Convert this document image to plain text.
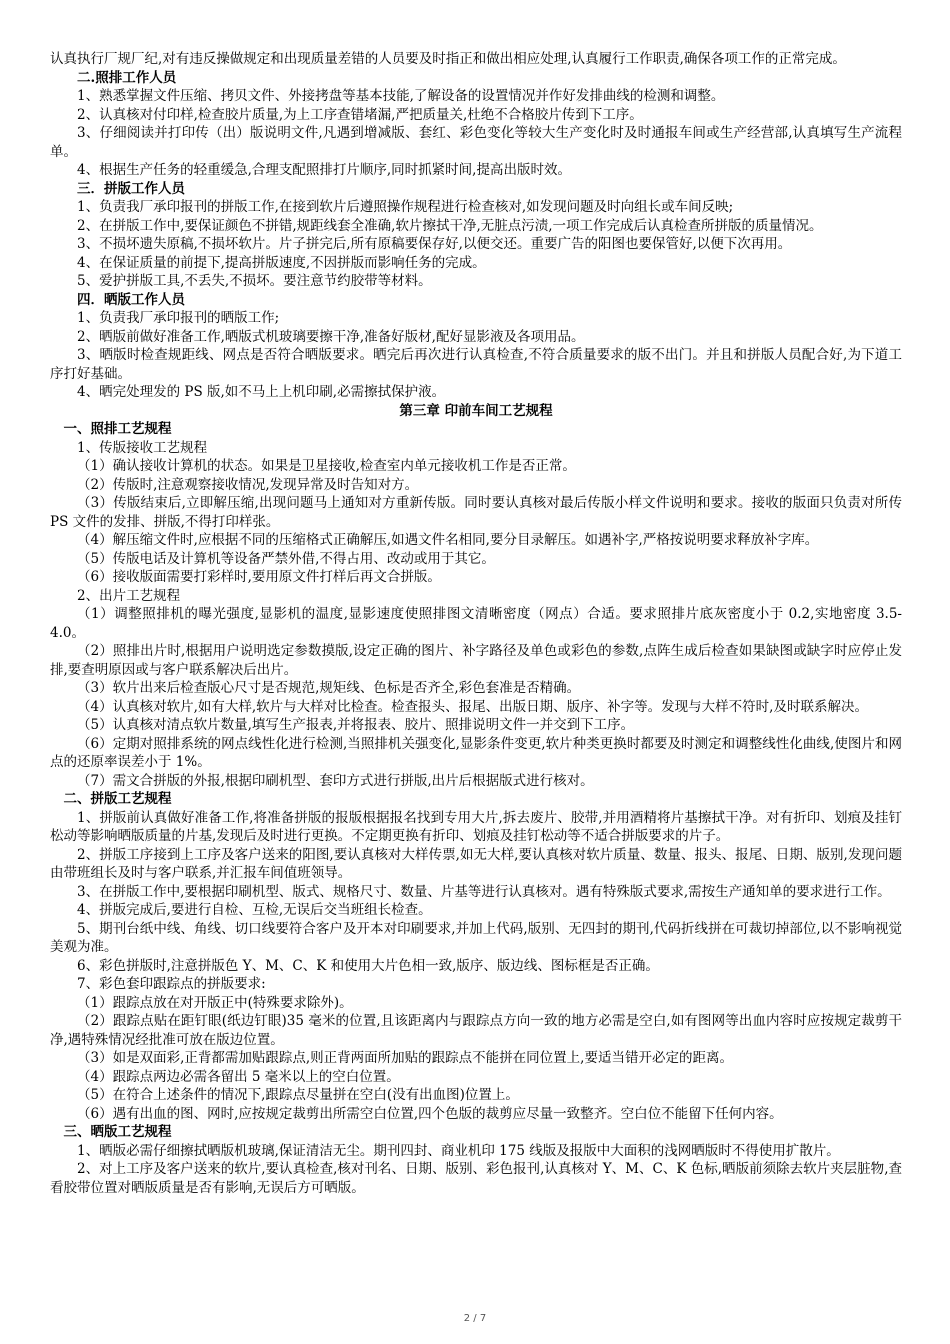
认真执行厂规厂纪,对有违反操做规定和出现质量差错的人员要及时指正和做出相应处理,认真履行工作职责,确保各项工作的正常完成。

二.照排工作人员

1、熟悉掌握文件压缩、拷贝文件、外接拷盘等基本技能,了解设备的设置情况并作好发排曲线的检测和调整。

2、认真核对付印样,检查胶片质量,为上工序查错堵漏,严把质量关,杜绝不合格胶片传到下工序。

3、仔细阅读并打印传（出）版说明文件,凡遇到增减版、套红、彩色变化等较大生产变化时及时通报车间或生产经营部,认真填写生产流程单。

4、根据生产任务的轻重缓急,合理支配照排打片顺序,同时抓紧时间,提高出版时效。

三．拼版工作人员

1、负责我厂承印报刊的拼版工作,在接到软片后遵照操作规程进行检查核对,如发现问题及时向组长或车间反映;

2、在拼版工作中,要保证颜色不拼错,规距线套全准确,软片擦拭干净,无脏点污渍,一项工作完成后认真检查所拼版的质量情况。

3、不损坏遗失原稿,不损坏软片。片子拼完后,所有原稿要保存好,以便交还。重要广告的阳图也要保管好,以便下次再用。

4、在保证质量的前提下,提高拼版速度,不因拼版而影响任务的完成。

5、爱护拼版工具,不丢失,不损坏。要注意节约胶带等材料。

四．晒版工作人员

1、负责我厂承印报刊的晒版工作;

2、晒版前做好准备工作,晒版式机玻璃要擦干净,准备好版材,配好显影液及各项用品。

3、晒版时检查规距线、网点是否符合晒版要求。晒完后再次进行认真检查,不符合质量要求的版不出门。并且和拼版人员配合好,为下道工序打好基础。

4、晒完处理发的 PS 版,如不马上上机印刷,必需擦拭保护液。

第三章 印前车间工艺规程

一、照排工艺规程

1、传版接收工艺规程

（1）确认接收计算机的状态。如果是卫星接收,检查室内单元接收机工作是否正常。

（2）传版时,注意观察接收情况,发现异常及时告知对方。

（3）传版结束后,立即解压缩,出现问题马上通知对方重新传版。同时要认真核对最后传版小样文件说明和要求。接收的版面只负责对所传 PS 文件的发排、拼版,不得打印样张。

（4）解压缩文件时,应根据不同的压缩格式正确解压,如遇文件名相同,要分目录解压。如遇补字,严格按说明要求释放补字库。

（5）传版电话及计算机等设备严禁外借,不得占用、改动或用于其它。

（6）接收版面需要打彩样时,要用原文件打样后再文合拼版。

2、出片工艺规程

（1）调整照排机的曝光强度,显影机的温度,显影速度使照排图文清晰密度（网点）合适。要求照排片底灰密度小于 0.2,实地密度 3.5-4.0。

（2）照排出片时,根据用户说明选定参数摸版,设定正确的图片、补字路径及单色或彩色的参数,点阵生成后检查如果缺图或缺字时应停止发排,要查明原因或与客户联系解决后出片。

（3）软片出来后检查版心尺寸是否规范,规矩线、色标是否齐全,彩色套准是否精确。

（4）认真核对软片,如有大样,软片与大样对比检查。检查报头、报尾、出版日期、版序、补字等。发现与大样不符时,及时联系解决。

（5）认真核对清点软片数量,填写生产报表,并将报表、胶片、照排说明文件一并交到下工序。

（6）定期对照排系统的网点线性化进行检测,当照排机关强变化,显影条件变更,软片种类更换时都要及时测定和调整线性化曲线,使图片和网点的还原率误差小于 1%。

（7）需文合拼版的外报,根据印刷机型、套印方式进行拼版,出片后根据版式进行核对。

二、拼版工艺规程

1、拼版前认真做好准备工作,将准备拼版的报版根据报名找到专用大片,拆去废片、胶带,并用酒精将片基擦拭干净。对有折印、划痕及挂钉松动等影响晒版质量的片基,发现后及时进行更换。不定期更换有折印、划痕及挂钉松动等不适合拼版要求的片子。

2、拼版工序接到上工序及客户送来的阳图,要认真核对大样传票,如无大样,要认真核对软片质量、数量、报头、报尾、日期、版别,发现问题由带班组长及时与客户联系,并汇报车间值班领导。

3、在拼版工作中,要根据印刷机型、版式、规格尺寸、数量、片基等进行认真核对。遇有特殊版式要求,需按生产通知单的要求进行工作。

4、拼版完成后,要进行自检、互检,无误后交当班组长检查。

5、期刊台纸中线、角线、切口线要符合客户及开本对印刷要求,并加上代码,版别、无四封的期刊,代码折线拼在可裁切掉部位,以不影响视觉美观为准。

6、彩色拼版时,注意拼版色 Y、M、C、K 和使用大片色相一致,版序、版边线、图标框是否正确。

7、彩色套印跟踪点的拼版要求:

（1）跟踪点放在对开版正中(特殊要求除外)。

（2）跟踪点贴在距钉眼(纸边钉眼)35 毫米的位置,且该距离内与跟踪点方向一致的地方必需是空白,如有图网等出血内容时应按规定裁剪干净,遇特殊情况经批准可放在版边位置。

（3）如是双面彩,正背都需加贴跟踪点,则正背两面所加贴的跟踪点不能拼在同位置上,要适当错开必定的距离。

（4）跟踪点两边必需各留出 5 毫米以上的空白位置。

（5）在符合上述条件的情况下,跟踪点尽量拼在空白(没有出血图)位置上。

（6）遇有出血的图、网时,应按规定裁剪出所需空白位置,四个色版的裁剪应尽量一致整齐。空白位不能留下任何内容。

三、晒版工艺规程

1、晒版必需仔细擦拭晒版机玻璃,保证清洁无尘。期刊四封、商业机印 175 线版及报版中大面积的浅网晒版时不得使用扩散片。

2、对上工序及客户送来的软片,要认真检查,核对刊名、日期、版别、彩色报刊,认真核对 Y、M、C、K 色标,晒版前须除去软片夹层脏物,查看胶带位置对晒版质量是否有影响,无误后方可晒版。

2 / 7
